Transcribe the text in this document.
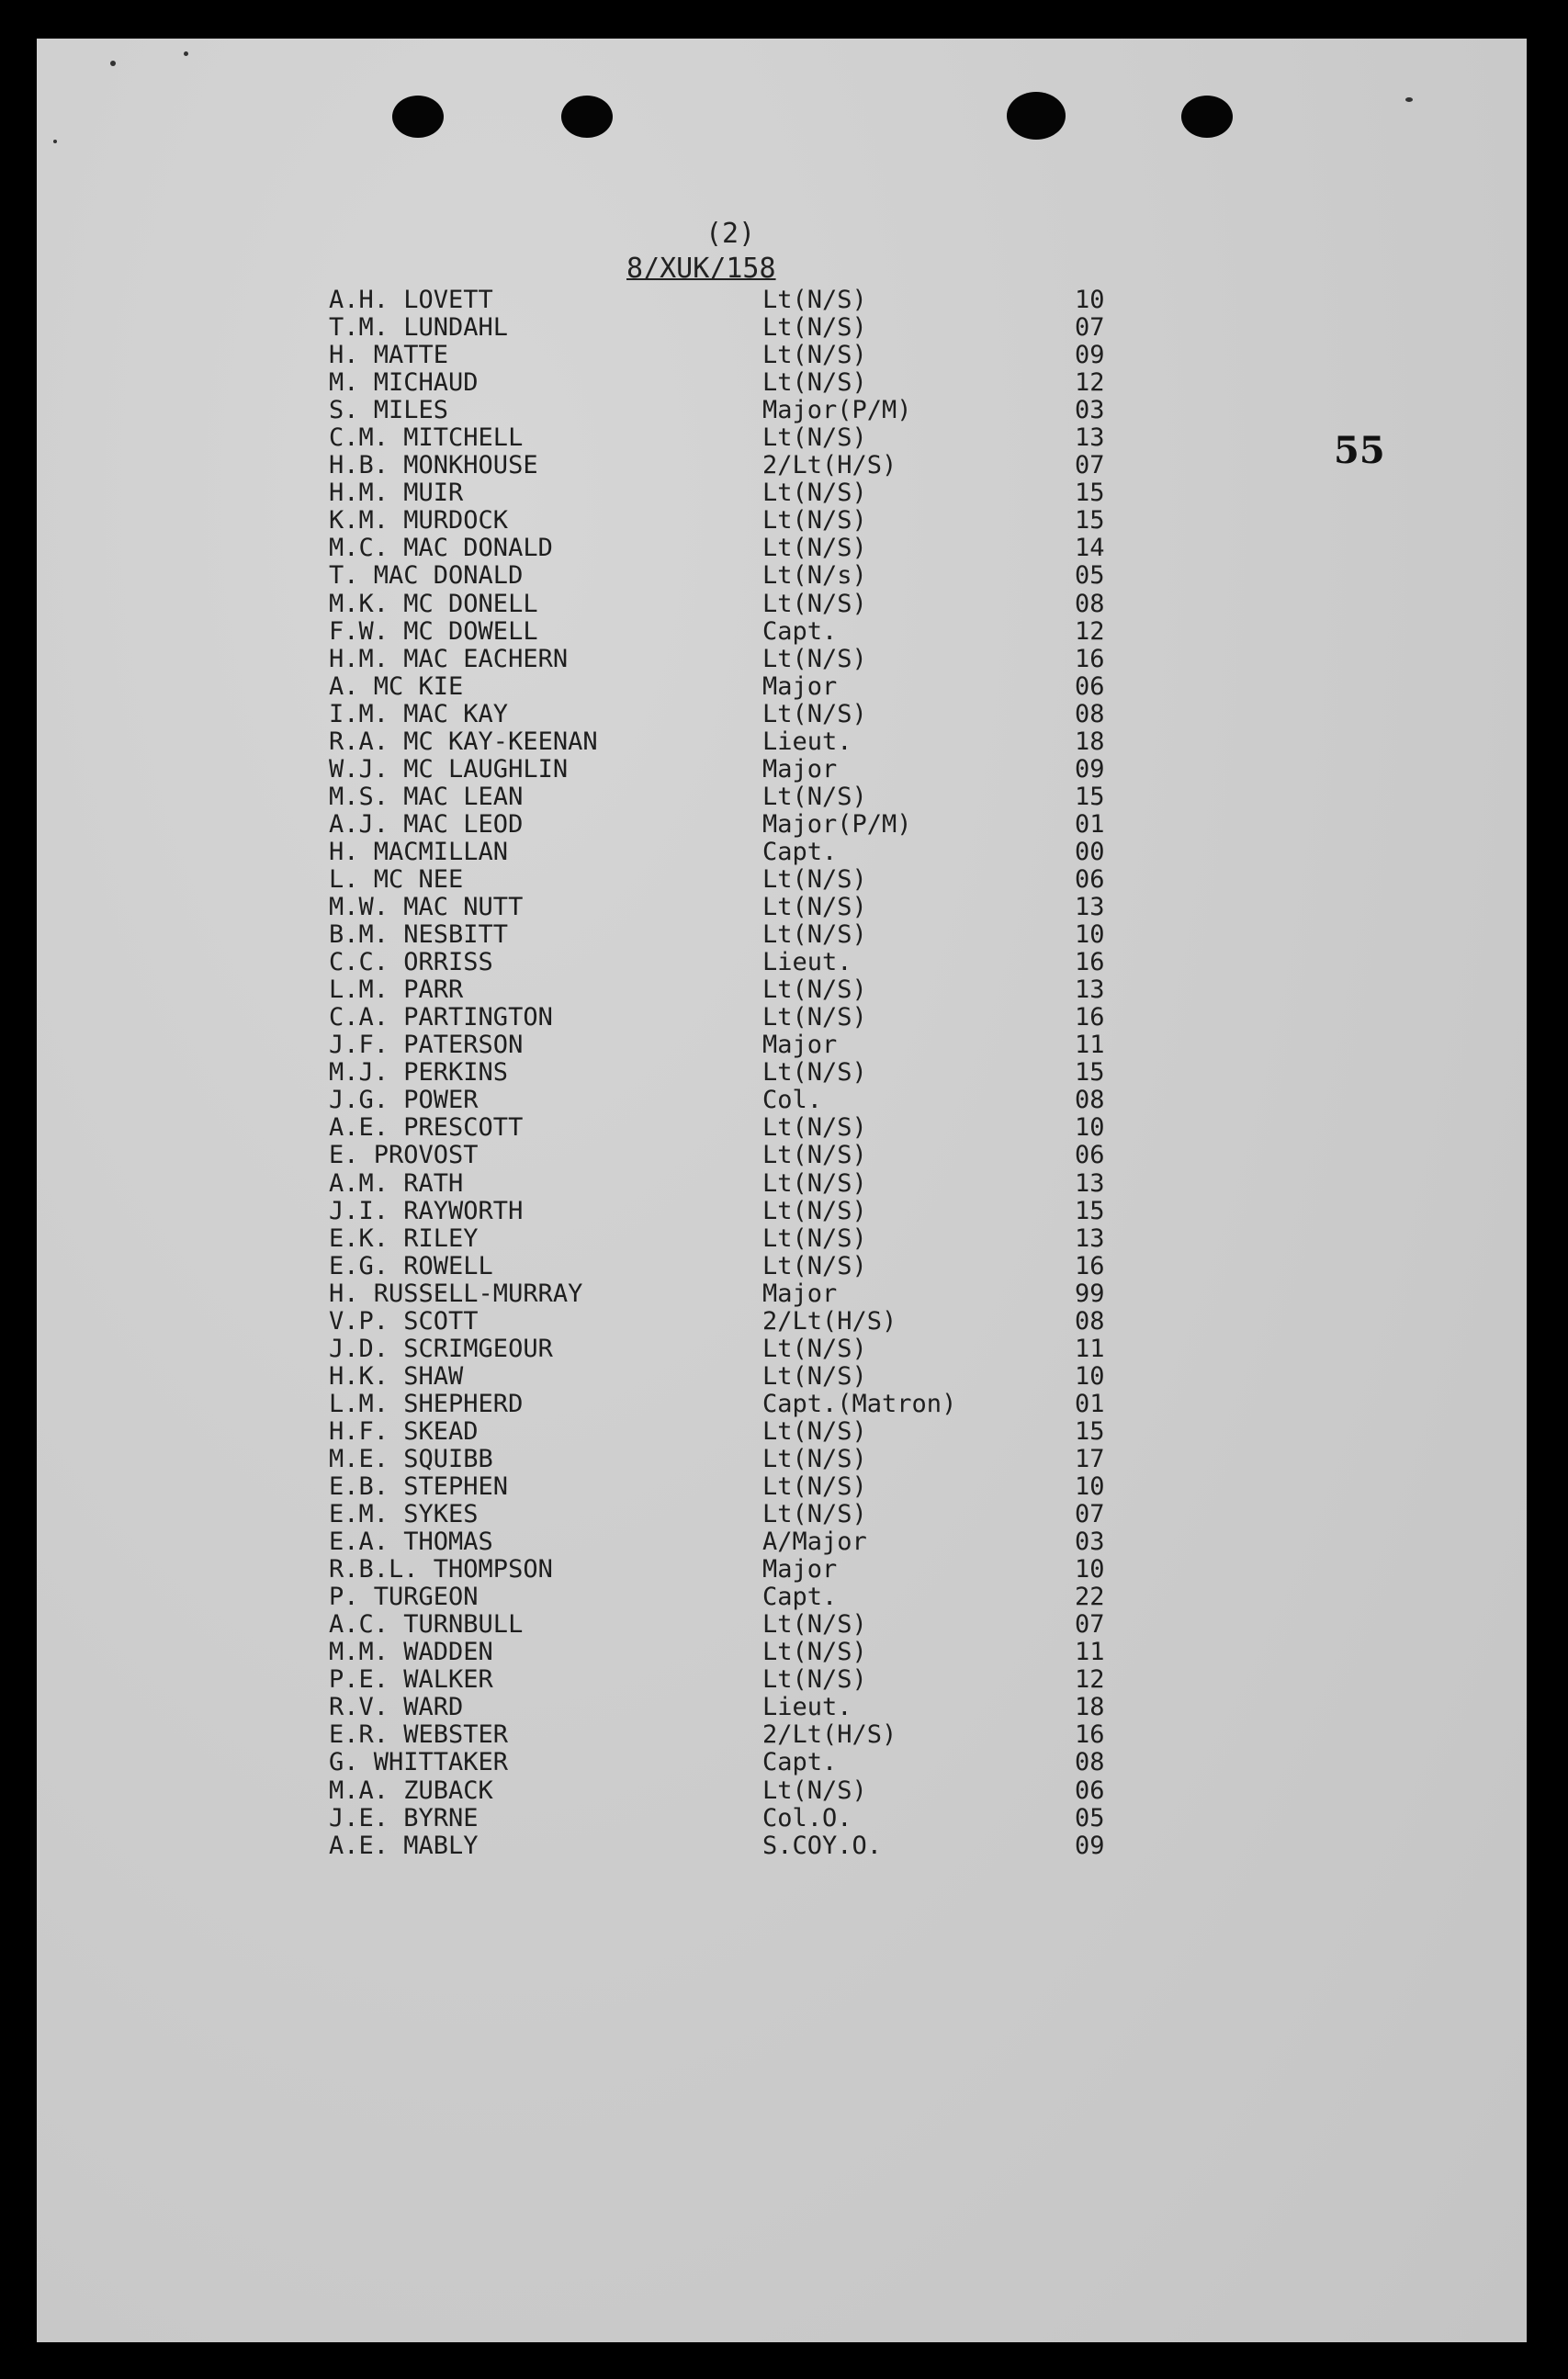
(2)
8/XUK/158
55
A.H. LOVETT	Lt(N/S)	10
T.M. LUNDAHL	Lt(N/S)	07
H. MATTE	Lt(N/S)	09
M. MICHAUD	Lt(N/S)	12
S. MILES	Major(P/M)	03
C.M. MITCHELL	Lt(N/S)	13
H.B. MONKHOUSE	2/Lt(H/S)	07
H.M. MUIR	Lt(N/S)	15
K.M. MURDOCK	Lt(N/S)	15
M.C. MAC DONALD	Lt(N/S)	14
T. MAC DONALD	Lt(N/s)	05
M.K. MC DONELL	Lt(N/S)	08
F.W. MC DOWELL	Capt.	12
H.M. MAC EACHERN	Lt(N/S)	16
A. MC KIE	Major	06
I.M. MAC KAY	Lt(N/S)	08
R.A. MC KAY-KEENAN	Lieut.	18
W.J. MC LAUGHLIN	Major	09
M.S. MAC LEAN	Lt(N/S)	15
A.J. MAC LEOD	Major(P/M)	01
H. MACMILLAN	Capt.	00
L. MC NEE	Lt(N/S)	06
M.W. MAC NUTT	Lt(N/S)	13
B.M. NESBITT	Lt(N/S)	10
C.C. ORRISS	Lieut.	16
L.M. PARR	Lt(N/S)	13
C.A. PARTINGTON	Lt(N/S)	16
J.F. PATERSON	Major	11
M.J. PERKINS	Lt(N/S)	15
J.G. POWER	Col.	08
A.E. PRESCOTT	Lt(N/S)	10
E. PROVOST	Lt(N/S)	06
A.M. RATH	Lt(N/S)	13
J.I. RAYWORTH	Lt(N/S)	15
E.K. RILEY	Lt(N/S)	13
E.G. ROWELL	Lt(N/S)	16
H. RUSSELL-MURRAY	Major	99
V.P. SCOTT	2/Lt(H/S)	08
J.D. SCRIMGEOUR	Lt(N/S)	11
H.K. SHAW	Lt(N/S)	10
L.M. SHEPHERD	Capt.(Matron)	01
H.F. SKEAD	Lt(N/S)	15
M.E. SQUIBB	Lt(N/S)	17
E.B. STEPHEN	Lt(N/S)	10
E.M. SYKES	Lt(N/S)	07
E.A. THOMAS	A/Major	03
R.B.L. THOMPSON	Major	10
P. TURGEON	Capt.	22
A.C. TURNBULL	Lt(N/S)	07
M.M. WADDEN	Lt(N/S)	11
P.E. WALKER	Lt(N/S)	12
R.V. WARD	Lieut.	18
E.R. WEBSTER	2/Lt(H/S)	16
G. WHITTAKER	Capt.	08
M.A. ZUBACK	Lt(N/S)	06
J.E. BYRNE	Col.O.	05
A.E. MABLY	S.COY.O.	09
